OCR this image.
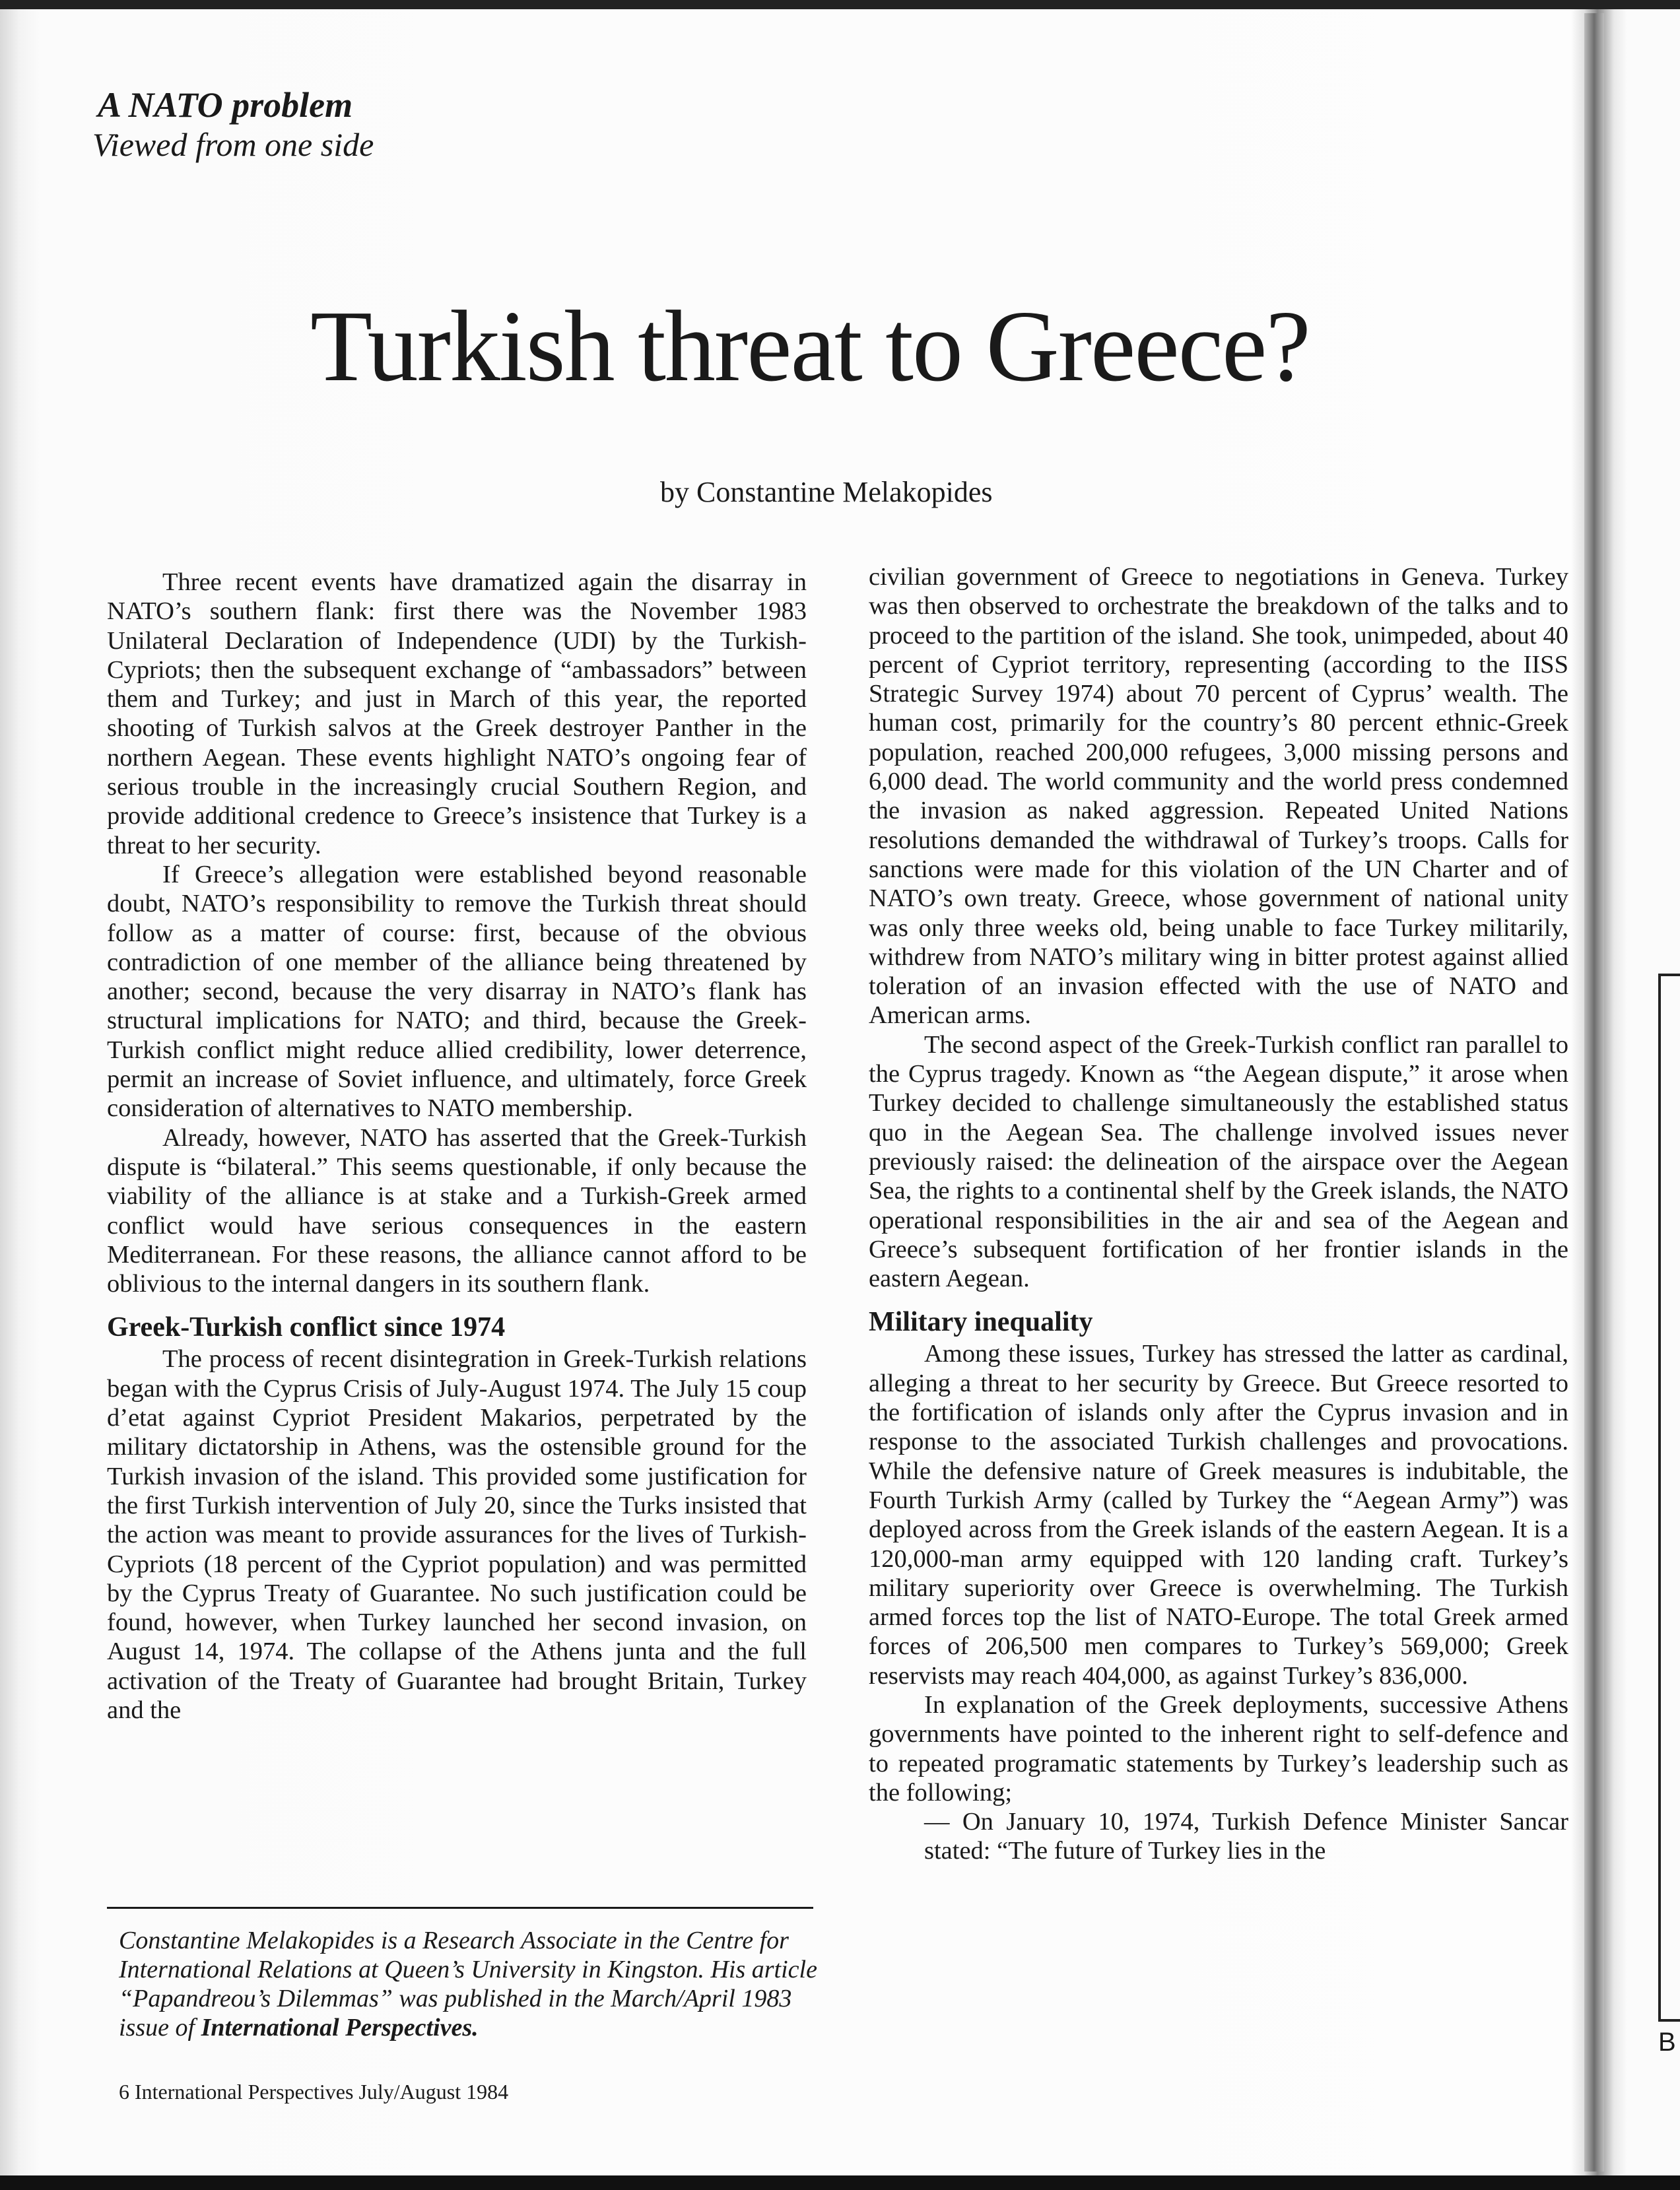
B
A NATO problem
Viewed from one side
Turkish threat to Greece?
by Constantine Melakopides

Three recent events have dramatized again the disarray in NATO’s southern flank: first there was the November 1983 Unilateral Declaration of Independence (UDI) by the Turkish-Cypriots; then the subsequent exchange of “ambassadors” between them and Turkey; and just in March of this year, the reported shooting of Turkish salvos at the Greek destroyer Panther in the northern Aegean. These events highlight NATO’s ongoing fear of serious trouble in the increasingly crucial Southern Region, and provide additional credence to Greece’s insistence that Turkey is a threat to her security.

If Greece’s allegation were established beyond reasonable doubt, NATO’s responsibility to remove the Turkish threat should follow as a matter of course: first, because of the obvious contradiction of one member of the alliance being threatened by another; second, because the very disarray in NATO’s flank has structural implications for NATO; and third, because the Greek-Turkish conflict might reduce allied credibility, lower deterrence, permit an increase of Soviet influence, and ultimately, force Greek consideration of alternatives to NATO membership.

Already, however, NATO has asserted that the Greek-Turkish dispute is “bilateral.” This seems questionable, if only because the viability of the alliance is at stake and a Turkish-Greek armed conflict would have serious consequences in the eastern Mediterranean. For these reasons, the alliance cannot afford to be oblivious to the internal dangers in its southern flank.

Greek-Turkish conflict since 1974

The process of recent disintegration in Greek-Turkish relations began with the Cyprus Crisis of July-August 1974. The July 15 coup d’etat against Cypriot President Makarios, perpetrated by the military dictatorship in Athens, was the ostensible ground for the Turkish invasion of the island. This provided some justification for the first Turkish intervention of July 20, since the Turks insisted that the action was meant to provide assurances for the lives of Turkish-Cypriots (18 percent of the Cypriot population) and was permitted by the Cyprus Treaty of Guarantee. No such justification could be found, however, when Turkey launched her second invasion, on August 14, 1974. The collapse of the Athens junta and the full activation of the Treaty of Guarantee had brought Britain, Turkey and the

civilian government of Greece to negotiations in Geneva. Turkey was then observed to orchestrate the breakdown of the talks and to proceed to the partition of the island. She took, unimpeded, about 40 percent of Cypriot territory, representing (according to the IISS Strategic Survey 1974) about 70 percent of Cyprus’ wealth. The human cost, primarily for the country’s 80 percent ethnic-Greek population, reached 200,000 refugees, 3,000 missing persons and 6,000 dead. The world community and the world press condemned the invasion as naked aggression. Repeated United Nations resolutions demanded the withdrawal of Turkey’s troops. Calls for sanctions were made for this violation of the UN Charter and of NATO’s own treaty. Greece, whose government of national unity was only three weeks old, being unable to face Turkey militarily, withdrew from NATO’s military wing in bitter protest against allied toleration of an invasion effected with the use of NATO and American arms.

The second aspect of the Greek-Turkish conflict ran parallel to the Cyprus tragedy. Known as “the Aegean dispute,” it arose when Turkey decided to challenge simultaneously the established status quo in the Aegean Sea. The challenge involved issues never previously raised: the delineation of the airspace over the Aegean Sea, the rights to a continental shelf by the Greek islands, the NATO operational responsibilities in the air and sea of the Aegean and Greece’s subsequent fortification of her frontier islands in the eastern Aegean.

Military inequality

Among these issues, Turkey has stressed the latter as cardinal, alleging a threat to her security by Greece. But Greece resorted to the fortification of islands only after the Cyprus invasion and in response to the associated Turkish challenges and provocations. While the defensive nature of Greek measures is indubitable, the Fourth Turkish Army (called by Turkey the “Aegean Army”) was deployed across from the Greek islands of the eastern Aegean. It is a 120,000-man army equipped with 120 landing craft. Turkey’s military superiority over Greece is overwhelming. The Turkish armed forces top the list of NATO-Europe. The total Greek armed forces of 206,500 men compares to Turkey’s 569,000; Greek reservists may reach 404,000, as against Turkey’s 836,000.

In explanation of the Greek deployments, successive Athens governments have pointed to the inherent right to self-defence and to repeated programatic statements by Turkey’s leadership such as the following;

— On January 10, 1974, Turkish Defence Minister Sancar stated: “The future of Turkey lies in the

Constantine Melakopides is a Research Associate in the Centre for International Relations at Queen’s University in Kingston. His article “Papandreou’s Dilemmas” was published in the March/April 1983 issue of International Perspectives.
6 International Perspectives July/August 1984
